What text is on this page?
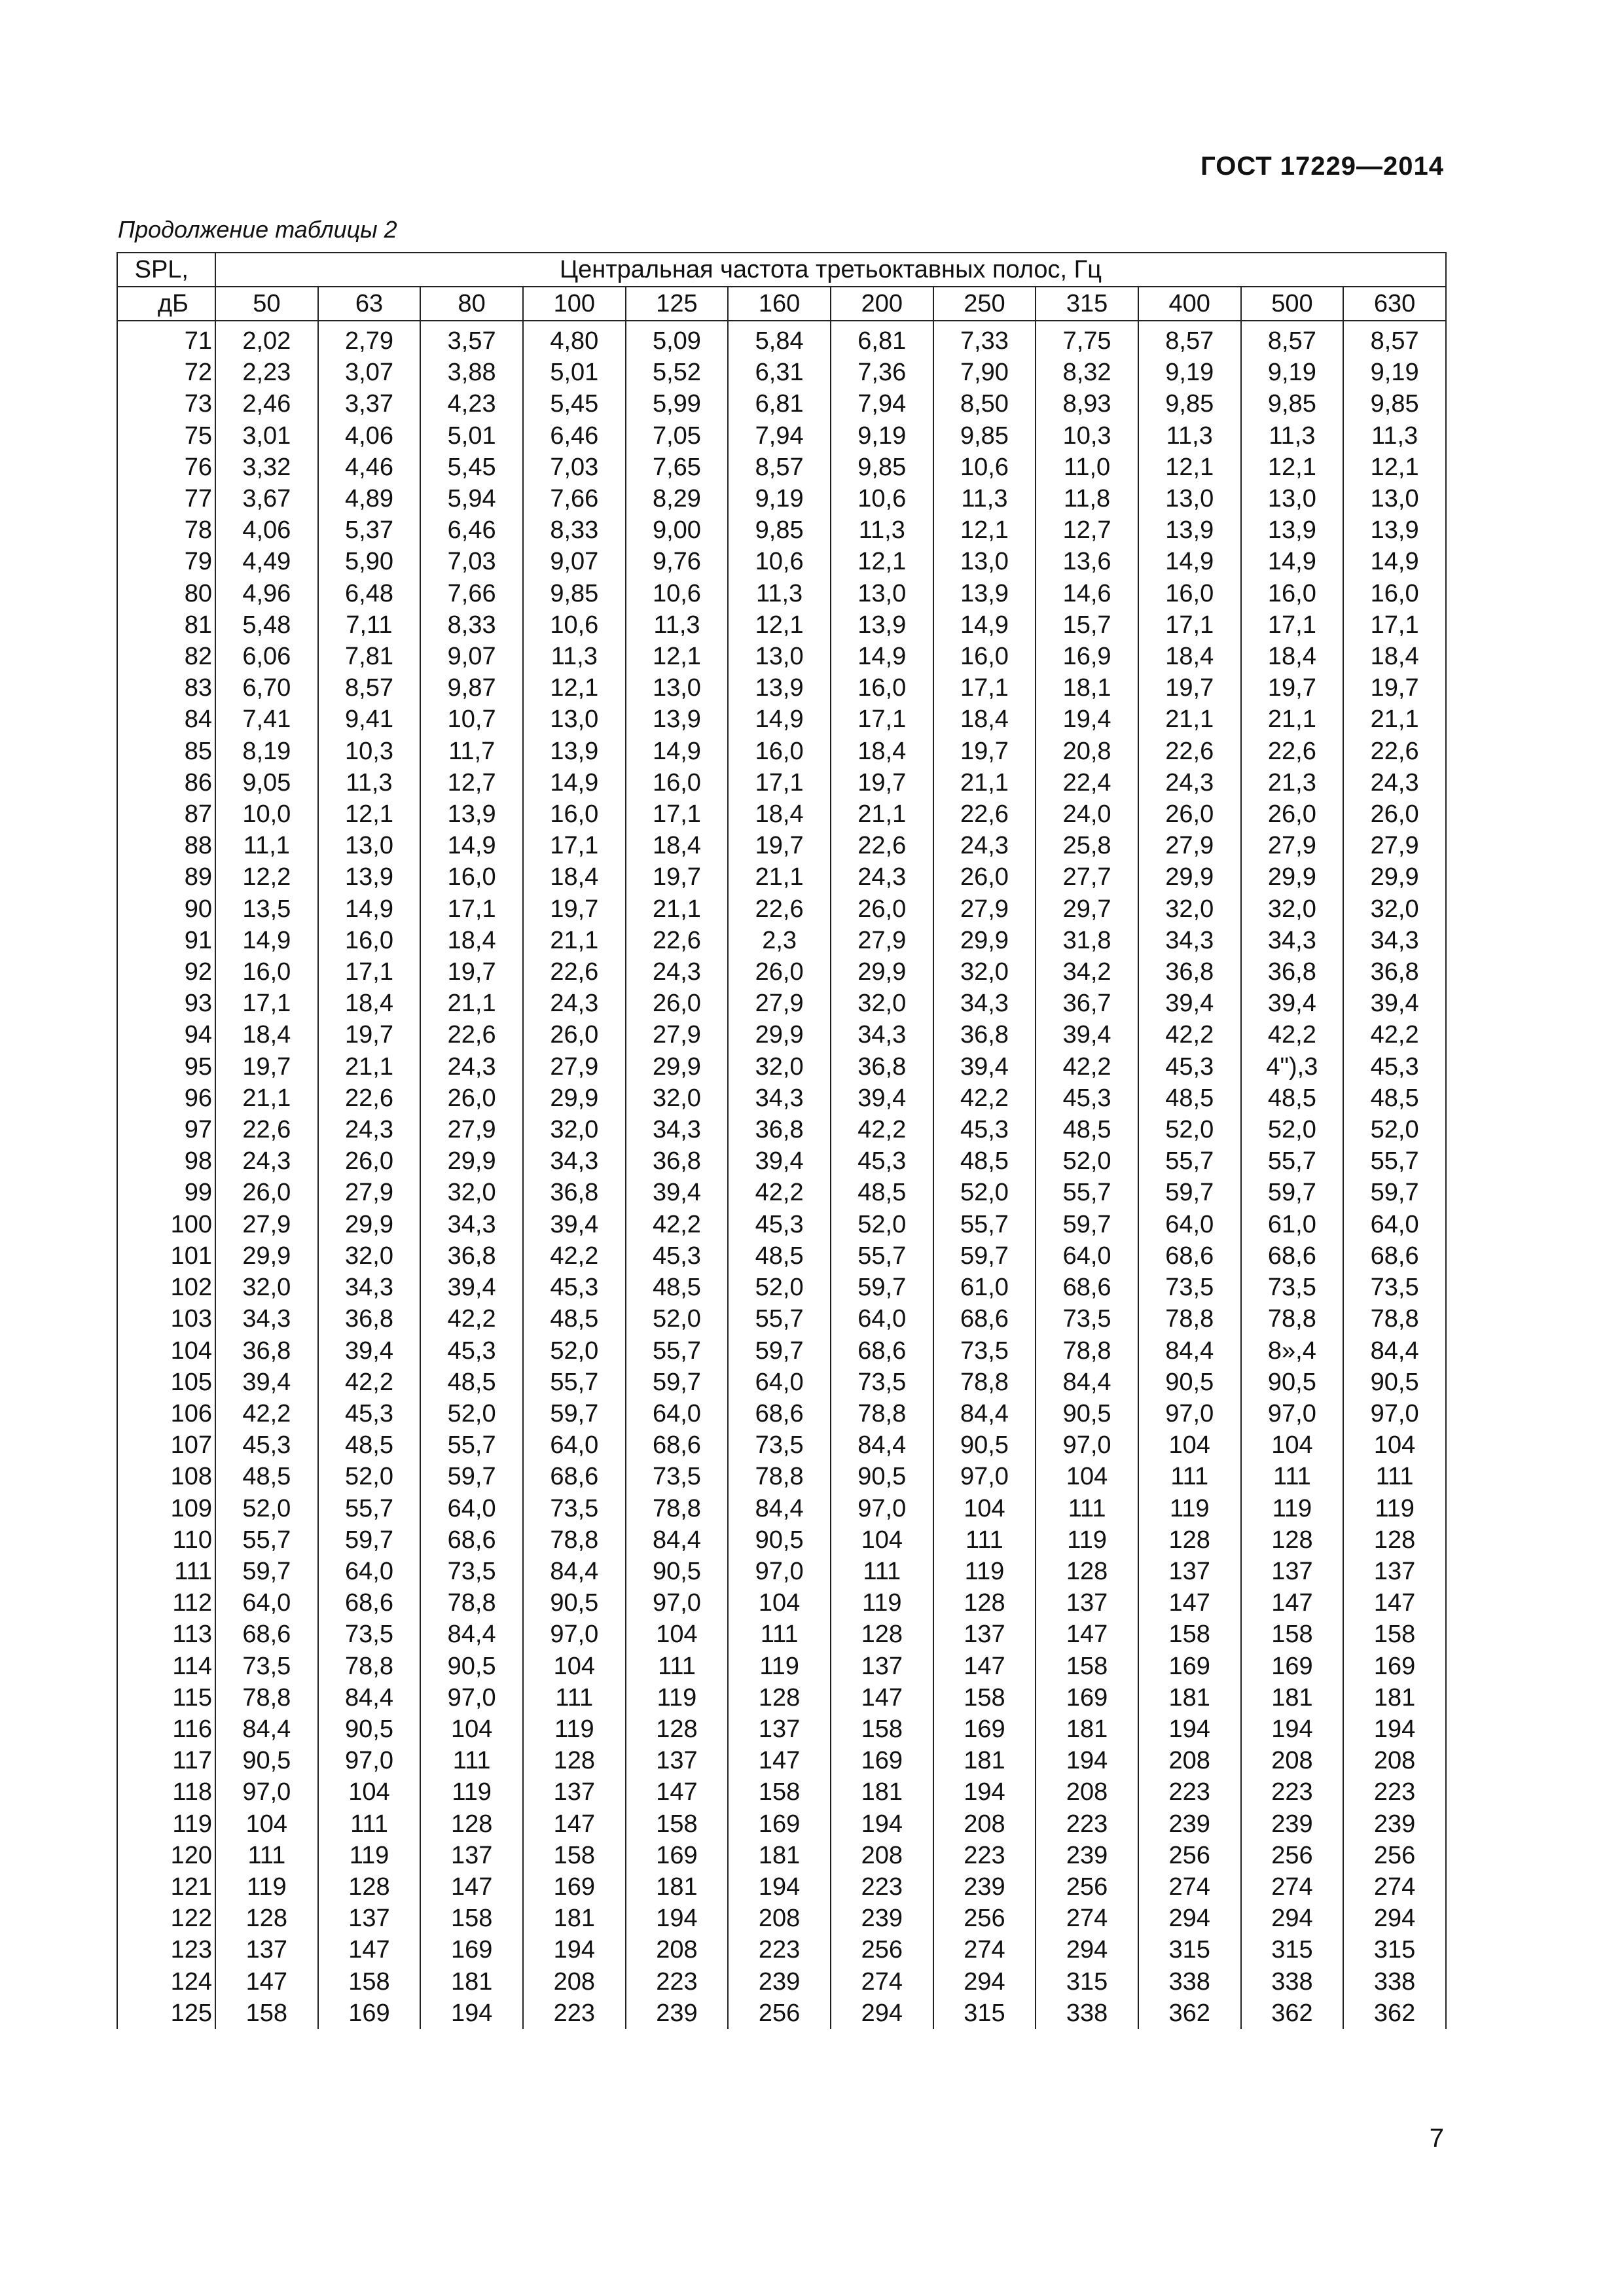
ГОСТ 17229—2014
Продолжение таблицы 2
SPL,	Центральная частота третьоктавных полос, Гц											
дБ	50	63	80	100	125	160	200	250	315	400	500	630
71	2,02	2,79	3,57	4,80	5,09	5,84	6,81	7,33	7,75	8,57	8,57	8,57
72	2,23	3,07	3,88	5,01	5,52	6,31	7,36	7,90	8,32	9,19	9,19	9,19
73	2,46	3,37	4,23	5,45	5,99	6,81	7,94	8,50	8,93	9,85	9,85	9,85
75	3,01	4,06	5,01	6,46	7,05	7,94	9,19	9,85	10,3	11,3	11,3	11,3
76	3,32	4,46	5,45	7,03	7,65	8,57	9,85	10,6	11,0	12,1	12,1	12,1
77	3,67	4,89	5,94	7,66	8,29	9,19	10,6	11,3	11,8	13,0	13,0	13,0
78	4,06	5,37	6,46	8,33	9,00	9,85	11,3	12,1	12,7	13,9	13,9	13,9
79	4,49	5,90	7,03	9,07	9,76	10,6	12,1	13,0	13,6	14,9	14,9	14,9
80	4,96	6,48	7,66	9,85	10,6	11,3	13,0	13,9	14,6	16,0	16,0	16,0
81	5,48	7,11	8,33	10,6	11,3	12,1	13,9	14,9	15,7	17,1	17,1	17,1
82	6,06	7,81	9,07	11,3	12,1	13,0	14,9	16,0	16,9	18,4	18,4	18,4
83	6,70	8,57	9,87	12,1	13,0	13,9	16,0	17,1	18,1	19,7	19,7	19,7
84	7,41	9,41	10,7	13,0	13,9	14,9	17,1	18,4	19,4	21,1	21,1	21,1
85	8,19	10,3	11,7	13,9	14,9	16,0	18,4	19,7	20,8	22,6	22,6	22,6
86	9,05	11,3	12,7	14,9	16,0	17,1	19,7	21,1	22,4	24,3	21,3	24,3
87	10,0	12,1	13,9	16,0	17,1	18,4	21,1	22,6	24,0	26,0	26,0	26,0
88	11,1	13,0	14,9	17,1	18,4	19,7	22,6	24,3	25,8	27,9	27,9	27,9
89	12,2	13,9	16,0	18,4	19,7	21,1	24,3	26,0	27,7	29,9	29,9	29,9
90	13,5	14,9	17,1	19,7	21,1	22,6	26,0	27,9	29,7	32,0	32,0	32,0
91	14,9	16,0	18,4	21,1	22,6	2,3	27,9	29,9	31,8	34,3	34,3	34,3
92	16,0	17,1	19,7	22,6	24,3	26,0	29,9	32,0	34,2	36,8	36,8	36,8
93	17,1	18,4	21,1	24,3	26,0	27,9	32,0	34,3	36,7	39,4	39,4	39,4
94	18,4	19,7	22,6	26,0	27,9	29,9	34,3	36,8	39,4	42,2	42,2	42,2
95	19,7	21,1	24,3	27,9	29,9	32,0	36,8	39,4	42,2	45,3	4"),3	45,3
96	21,1	22,6	26,0	29,9	32,0	34,3	39,4	42,2	45,3	48,5	48,5	48,5
97	22,6	24,3	27,9	32,0	34,3	36,8	42,2	45,3	48,5	52,0	52,0	52,0
98	24,3	26,0	29,9	34,3	36,8	39,4	45,3	48,5	52,0	55,7	55,7	55,7
99	26,0	27,9	32,0	36,8	39,4	42,2	48,5	52,0	55,7	59,7	59,7	59,7
100	27,9	29,9	34,3	39,4	42,2	45,3	52,0	55,7	59,7	64,0	61,0	64,0
101	29,9	32,0	36,8	42,2	45,3	48,5	55,7	59,7	64,0	68,6	68,6	68,6
102	32,0	34,3	39,4	45,3	48,5	52,0	59,7	61,0	68,6	73,5	73,5	73,5
103	34,3	36,8	42,2	48,5	52,0	55,7	64,0	68,6	73,5	78,8	78,8	78,8
104	36,8	39,4	45,3	52,0	55,7	59,7	68,6	73,5	78,8	84,4	8»,4	84,4
105	39,4	42,2	48,5	55,7	59,7	64,0	73,5	78,8	84,4	90,5	90,5	90,5
106	42,2	45,3	52,0	59,7	64,0	68,6	78,8	84,4	90,5	97,0	97,0	97,0
107	45,3	48,5	55,7	64,0	68,6	73,5	84,4	90,5	97,0	104	104	104
108	48,5	52,0	59,7	68,6	73,5	78,8	90,5	97,0	104	111	111	111
109	52,0	55,7	64,0	73,5	78,8	84,4	97,0	104	111	119	119	119
110	55,7	59,7	68,6	78,8	84,4	90,5	104	111	119	128	128	128
111	59,7	64,0	73,5	84,4	90,5	97,0	111	119	128	137	137	137
112	64,0	68,6	78,8	90,5	97,0	104	119	128	137	147	147	147
113	68,6	73,5	84,4	97,0	104	111	128	137	147	158	158	158
114	73,5	78,8	90,5	104	111	119	137	147	158	169	169	169
115	78,8	84,4	97,0	111	119	128	147	158	169	181	181	181
116	84,4	90,5	104	119	128	137	158	169	181	194	194	194
117	90,5	97,0	111	128	137	147	169	181	194	208	208	208
118	97,0	104	119	137	147	158	181	194	208	223	223	223
119	104	111	128	147	158	169	194	208	223	239	239	239
120	111	119	137	158	169	181	208	223	239	256	256	256
121	119	128	147	169	181	194	223	239	256	274	274	274
122	128	137	158	181	194	208	239	256	274	294	294	294
123	137	147	169	194	208	223	256	274	294	315	315	315
124	147	158	181	208	223	239	274	294	315	338	338	338
125	158	169	194	223	239	256	294	315	338	362	362	362
7
